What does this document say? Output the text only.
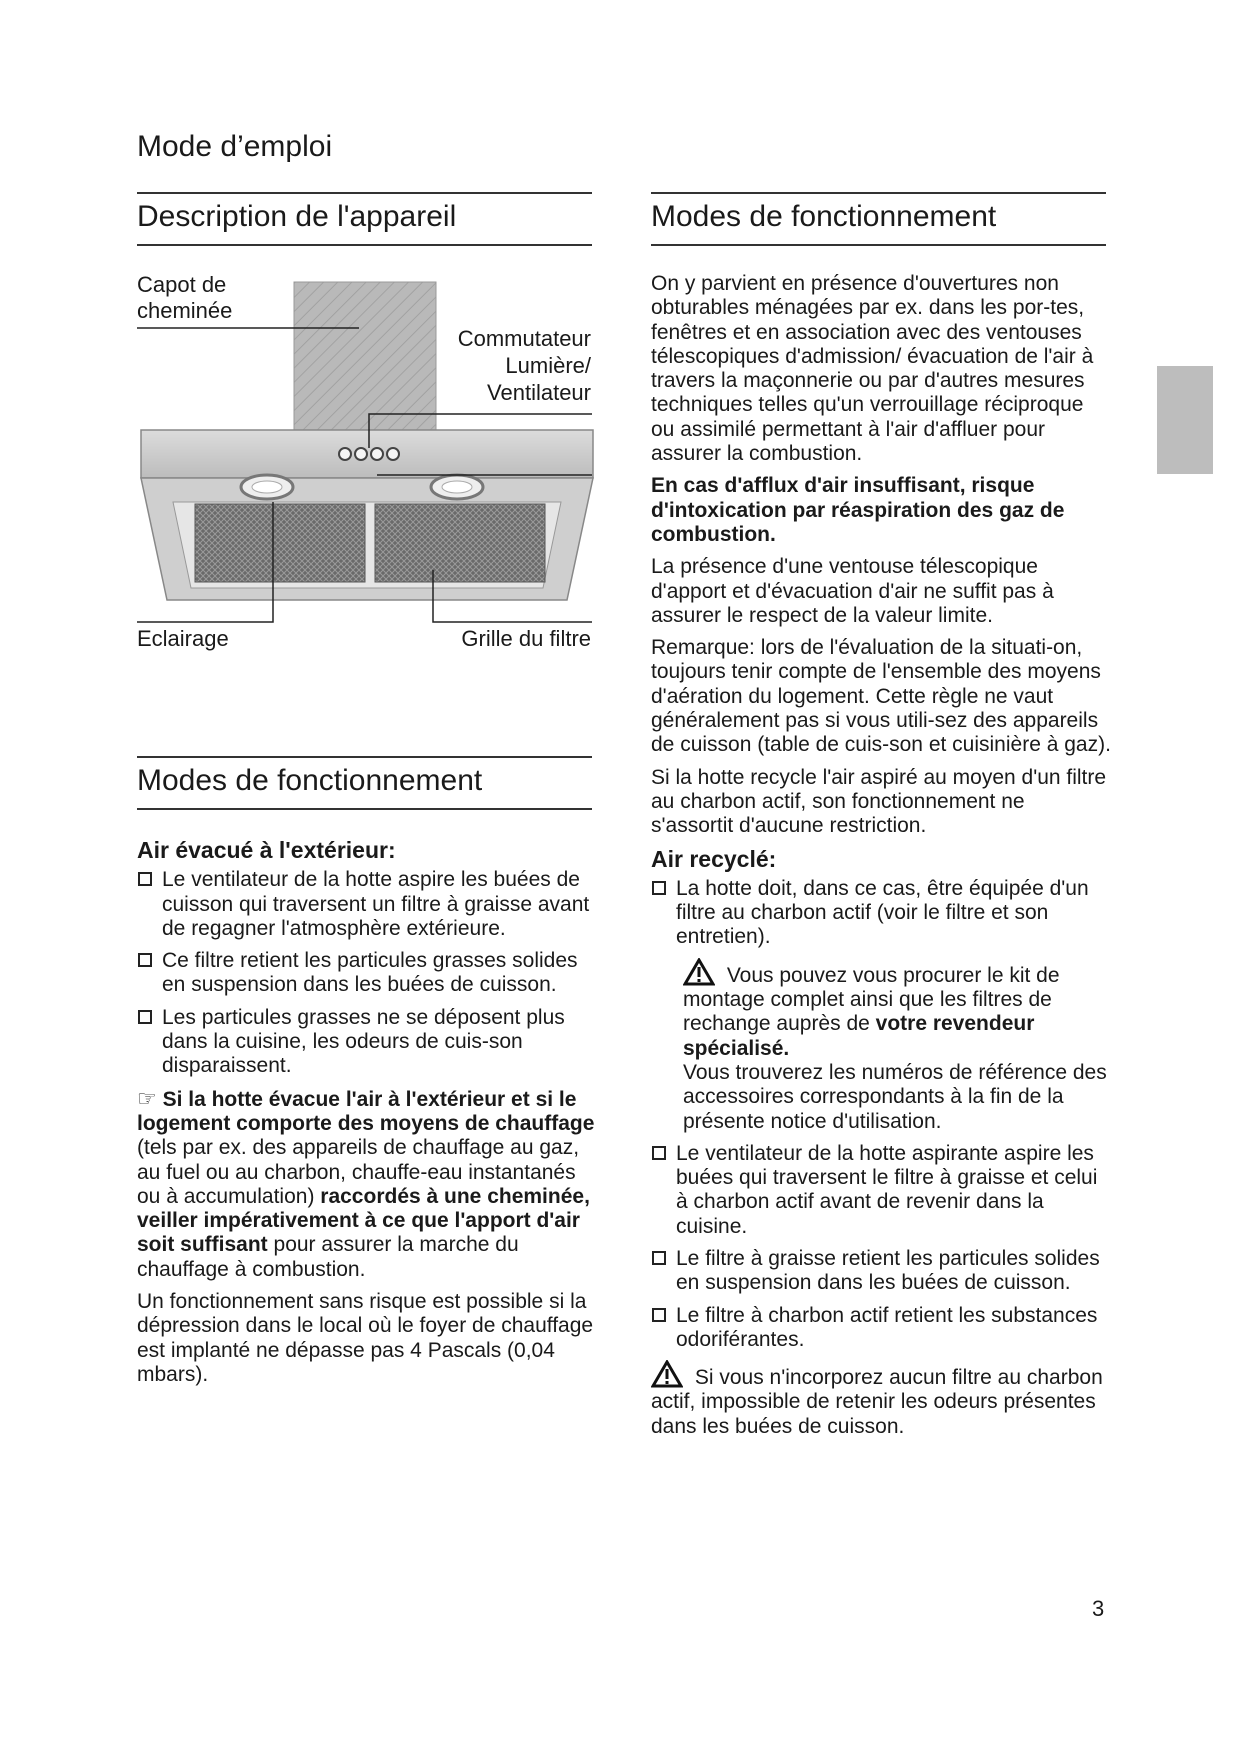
Mode d’emploi
Description de l'appareil
Capot de cheminée
Commutateur
Lumière/
Ventilateur
Eclairage	Grille du filtre
Modes de fonctionnement
Air évacué à l'extérieur:
Le ventilateur de la hotte aspire les buées de cuisson qui traversent un filtre à graisse avant de regagner l'atmosphère extérieure.
Ce filtre retient les particules grasses solides en suspension dans les buées de cuisson.
Les particules grasses ne se déposent plus dans la cuisine, les odeurs de cuis-son disparaissent.

☞ Si la hotte évacue l'air à l'extérieur et si le logement comporte des moyens de chauffage (tels par ex. des appareils de chauffage au gaz, au fuel ou au charbon, chauffe-eau instantanés ou à accumulation) raccordés à une cheminée, veiller impérativement à ce que l'apport d'air soit suffisant pour assurer la marche du chauffage à combustion.

Un fonctionnement sans risque est possible si la dépression dans le local où le foyer de chauffage est implanté ne dépasse pas 4 Pascals (0,04 mbars).

Modes de fonctionnement

On y parvient en présence d'ouvertures non obturables ménagées par ex. dans les por-tes, fenêtres et en association avec des ventouses télescopiques d'admission/ évacuation de l'air à travers la maçonnerie ou par d'autres mesures techniques telles qu'un verrouillage réciproque ou assimilé permettant à l'air d'affluer pour assurer la combustion.

En cas d'afflux d'air insuffisant, risque d'intoxication par réaspiration des gaz de combustion.

La présence d'une ventouse télescopique d'apport et d'évacuation d'air ne suffit pas à assurer le respect de la valeur limite.

Remarque: lors de l'évaluation de la situati-on, toujours tenir compte de l'ensemble des moyens d'aération du logement. Cette règle ne vaut généralement pas si vous utili-sez des appareils de cuisson (table de cuis-son et cuisinière à gaz).

Si la hotte recycle l'air aspiré au moyen d'un filtre au charbon actif, son fonctionnement ne s'assortit d'aucune restriction.

Air recyclé:
La hotte doit, dans ce cas, être équipée d'un filtre au charbon actif (voir le filtre et son entretien).
Vous pouvez vous procurer le kit de montage complet ainsi que les filtres de rechange auprès de votre revendeur spécialisé.
Vous trouverez les numéros de référence des accessoires correspondants à la fin de la présente notice d'utilisation.
Le ventilateur de la hotte aspirante aspire les buées qui traversent le filtre à graisse et celui à charbon actif avant de revenir dans la cuisine.
Le filtre à graisse retient les particules solides en suspension dans les buées de cuisson.
Le filtre à charbon actif retient les substances odoriférantes.

Si vous n'incorporez aucun filtre au charbon actif, impossible de retenir les odeurs présentes dans les buées de cuisson.

3
